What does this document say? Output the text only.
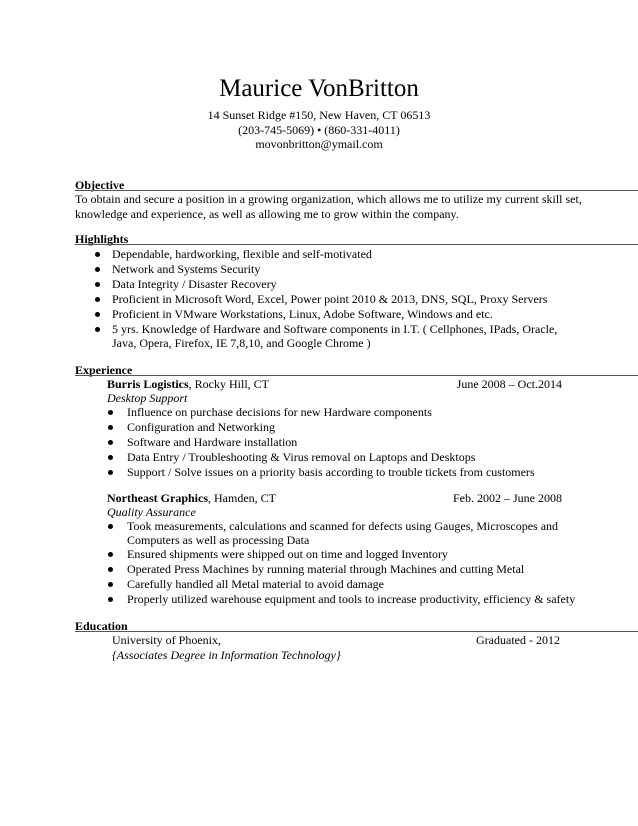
Maurice VonBritton
14 Sunset Ridge #150, New Haven, CT 06513
(203-745-5069) • (860-331-4011)
movonbritton@ymail.com
Objective
To obtain and secure a position in a growing organization, which allows me to utilize my current skill set,
knowledge and experience, as well as allowing me to grow within the company.
Highlights
Dependable, hardworking, flexible and self-motivated
Network and Systems Security
Data Integrity / Disaster Recovery
Proficient in Microsoft Word, Excel, Power point 2010 & 2013, DNS, SQL, Proxy Servers
Proficient in VMware Workstations, Linux, Adobe Software, Windows and etc.
5 yrs. Knowledge of Hardware and Software components in I.T. ( Cellphones, IPads, Oracle,
Java, Opera, Firefox, IE 7,8,10, and Google Chrome )
Experience
Burris Logistics, Rocky Hill, CT	June 2008 – Oct.2014
Desktop Support
Influence on purchase decisions for new Hardware components
Configuration and Networking
Software and Hardware installation
Data Entry / Troubleshooting & Virus removal on Laptops and Desktops
Support / Solve issues on a priority basis according to trouble tickets from customers
Northeast Graphics, Hamden, CT	Feb. 2002 – June 2008
Quality Assurance
Took measurements, calculations and scanned for defects using Gauges, Microscopes and
Computers as well as processing Data
Ensured shipments were shipped out on time and logged Inventory
Operated Press Machines by running material through Machines and cutting Metal
Carefully handled all Metal material to avoid damage
Properly utilized warehouse equipment and tools to increase productivity, efficiency & safety
Education
University of Phoenix,	Graduated - 2012
{Associates Degree in Information Technology}
